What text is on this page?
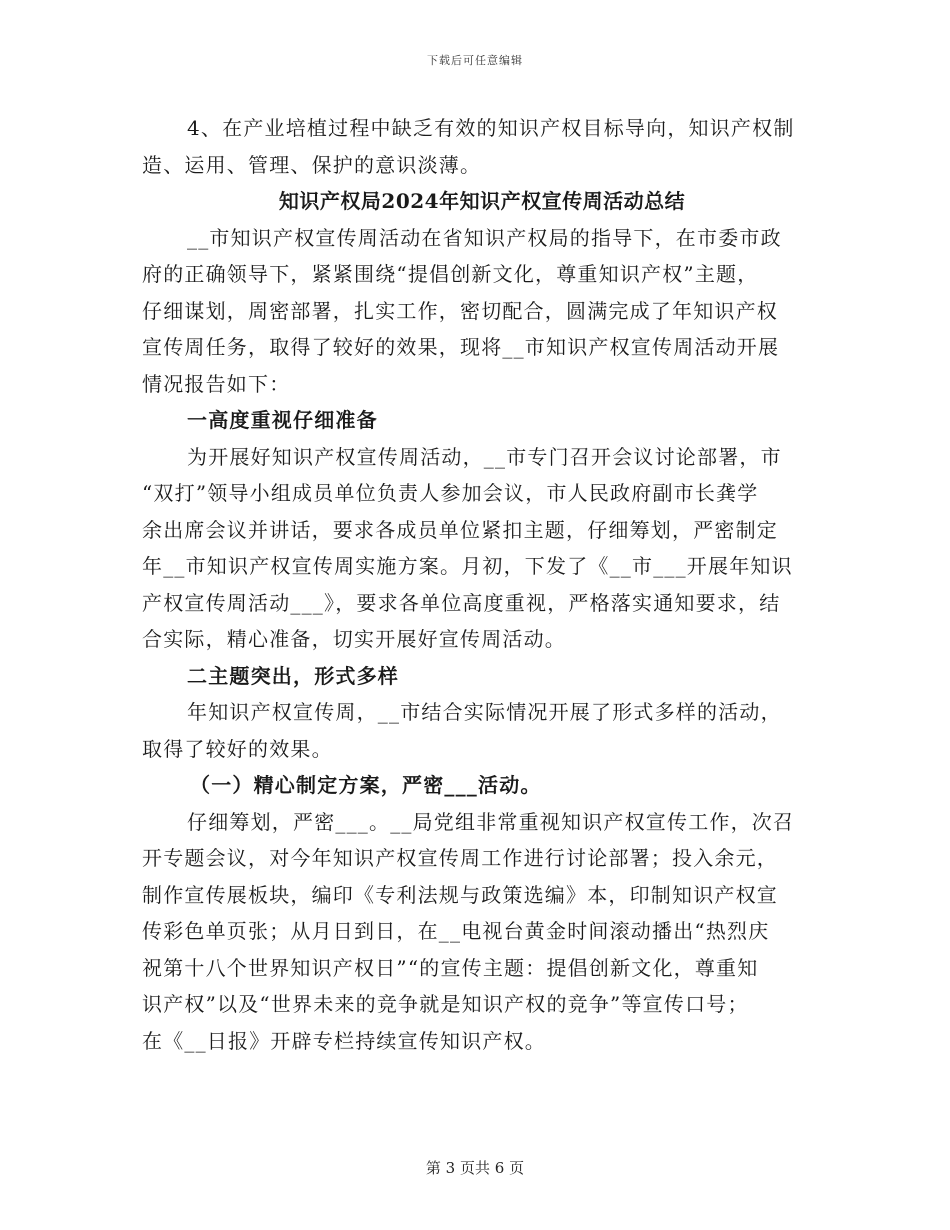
下载后可任意编辑
4、在产业培植过程中缺乏有效的知识产权目标导向，知识产权制
造、运用、管理、保护的意识淡薄。
知识产权局2024年知识产权宣传周活动总结
__市知识产权宣传周活动在省知识产权局的指导下，在市委市政
府的正确领导下，紧紧围绕“提倡创新文化，尊重知识产权”主题，
仔细谋划，周密部署，扎实工作，密切配合，圆满完成了年知识产权
宣传周任务，取得了较好的效果，现将__市知识产权宣传周活动开展
情况报告如下：
一高度重视仔细准备
为开展好知识产权宣传周活动，__市专门召开会议讨论部署，市
“双打”领导小组成员单位负责人参加会议，市人民政府副市长龚学
余出席会议并讲话，要求各成员单位紧扣主题，仔细筹划，严密制定
年__市知识产权宣传周实施方案。月初，下发了《__市___开展年知识
产权宣传周活动___》，要求各单位高度重视，严格落实通知要求，结
合实际，精心准备，切实开展好宣传周活动。
二主题突出，形式多样
年知识产权宣传周，__市结合实际情况开展了形式多样的活动，
取得了较好的效果。
（一）精心制定方案，严密___活动。
仔细筹划，严密___。__局党组非常重视知识产权宣传工作，次召
开专题会议，对今年知识产权宣传周工作进行讨论部署；投入余元，
制作宣传展板块，编印《专利法规与政策选编》本，印制知识产权宣
传彩色单页张；从月日到日，在__电视台黄金时间滚动播出“热烈庆
祝第十八个世界知识产权日”“的宣传主题：提倡创新文化，尊重知
识产权”以及“世界未来的竞争就是知识产权的竞争”等宣传口号；
在《__日报》开辟专栏持续宣传知识产权。
第 3 页共 6 页
